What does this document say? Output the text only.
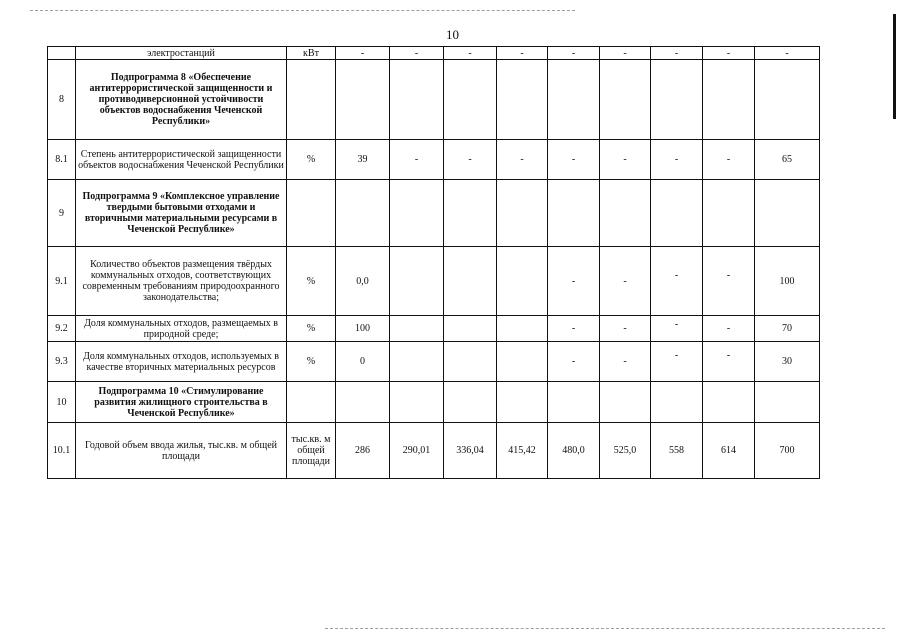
10
	электростанций	кВт	-	-	-	-	-	-	-	-	-
8	Подпрограмма 8 «Обеспечение антитеррористической защищенности и противодиверсионной устойчивости объектов водоснабжения Чеченской Республики»										
8.1	Степень антитеррористической защищенности объектов водоснабжения Чеченской Республики	%	39	-	-	-	-	-	-	-	65
9	Подпрограмма 9 «Комплексное управление твердыми бытовыми отходами и вторичными материальными ресурсами в Чеченской Республике»										
9.1	Количество объектов размещения твёрдых коммунальных отходов, соответствующих современным требованиям природоохранного законодательства;	%	0,0				-	-	-	-	100
9.2	Доля коммунальных отходов, размещаемых в природной среде;	%	100				-	-	-	-	70
9.3	Доля коммунальных отходов, используемых в качестве вторичных материальных ресурсов	%	0				-	-	-	-	30
10	Подпрограмма 10 «Стимулирование развития жилищного строительства в Чеченской Республике»										
10.1	Годовой объем ввода жилья, тыс.кв. м общей площади	тыс.кв. м общей площади	286	290,01	336,04	415,42	480,0	525,0	558	614	700
